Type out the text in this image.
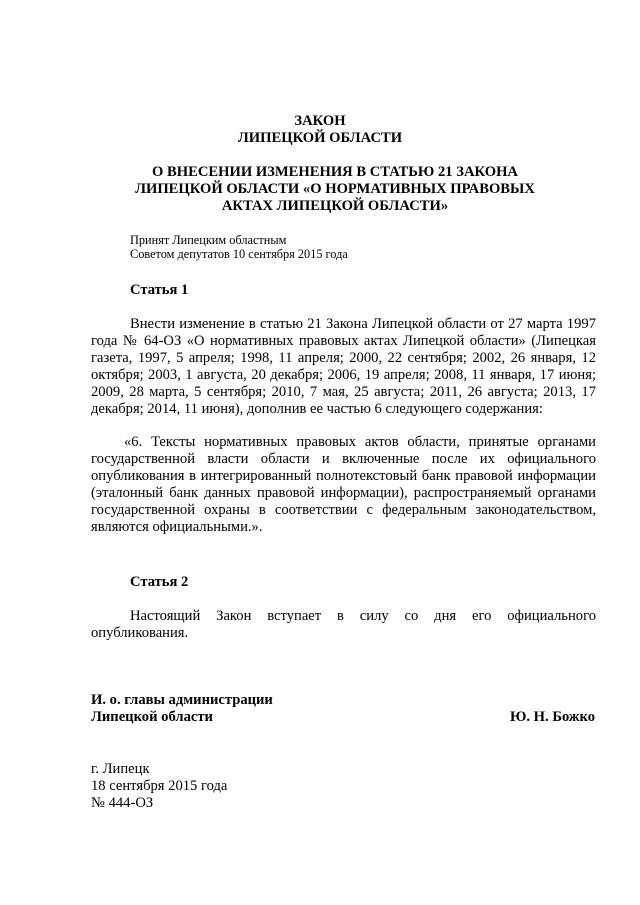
ЗАКОН
ЛИПЕЦКОЙ ОБЛАСТИ
О ВНЕСЕНИИ ИЗМЕНЕНИЯ В СТАТЬЮ 21 ЗАКОНА
ЛИПЕЦКОЙ ОБЛАСТИ «О НОРМАТИВНЫХ ПРАВОВЫХ
АКТАХ ЛИПЕЦКОЙ ОБЛАСТИ»
Принят Липецким областным
Советом депутатов 10 сентября 2015 года
Статья 1
Внести изменение в статью 21 Закона Липецкой области от 27 марта 1997 года № 64-ОЗ «О нормативных правовых актах Липецкой области» (Липецкая газета, 1997, 5 апреля; 1998, 11 апреля; 2000, 22 сентября; 2002, 26 января, 12 октября; 2003, 1 августа, 20 декабря; 2006, 19 апреля; 2008, 11 января, 17 июня; 2009, 28 марта, 5 сентября; 2010, 7 мая, 25 августа; 2011, 26 августа; 2013, 17 декабря; 2014, 11 июня), дополнив ее частью 6 следующего содержания:
«6. Тексты нормативных правовых актов области, принятые органами государственной власти области и включенные после их официального опубликования в интегрированный полнотекстовый банк правовой информации (эталонный банк данных правовой информации), распространяемый органами государственной охраны в соответствии с федеральным законодательством, являются официальными.».
Статья 2
Настоящий Закон вступает в силу со дня его официального опубликования.
И. о. главы администрации
Липецкой области	Ю. Н. Божко
г. Липецк
18 сентября 2015 года
№ 444-ОЗ
